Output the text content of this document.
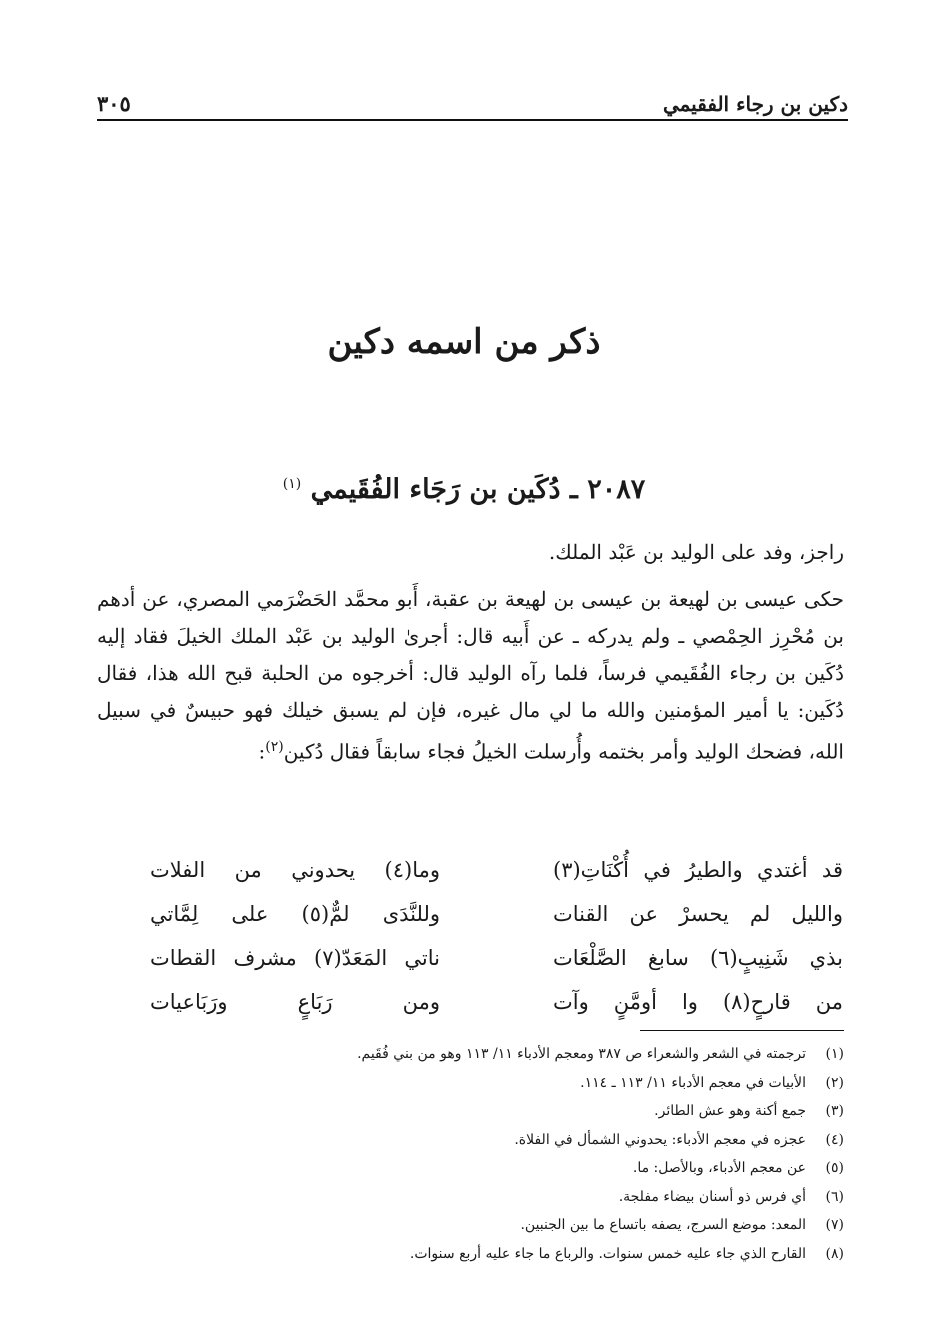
دكين بن رجاء الفقيمي
٣٠٥
ذكر من اسمه دكين
٢٠٨٧ ـ دُكَين بن رَجَاء الفُقَيمي $^{(١)}$

راجز، وفد على الوليد بن عَبْد الملك.

حكى عيسى بن لهيعة بن عيسى بن لهيعة بن عقبة، أَبو محمَّد الحَضْرَمي المصري، عن أدهم بن مُحْرِز الحِمْصي ـ ولم يدركه ـ عن أَبيه قال: أجرىٰ الوليد بن عَبْد الملك الخيلَ فقاد إليه دُكَين بن رجاء الفُقَيمي فرساً، فلما رآه الوليد قال: أخرجوه من الحلبة قبح الله هذا، فقال دُكَين: يا أمير المؤمنين والله ما لي مال غيره، فإن لم يسبق خيلك فهو حبيسٌ في سبيل الله، فضحك الوليد وأمر بختمه وأُرسلت الخيلُ فجاء سابقاً فقال دُكين$^{(٢)}$:

قد أغتدي والطيرُ في أُكْنَاتِ(٣)
وما(٤) يحدوني من الفلات
والليل لم يحسرْ عن القنات
وللنَّدَى لمٌّ(٥) على لِمَّاتي
بذي شَنِيبٍ(٦) سابغ الصَّلْعَات
ناتي المَعَدّ(٧) مشرف القطات
من قارحٍ(٨) وا أومَّنٍ وآت
ومن رَبَاعٍ ورَبَاعيات
(١)
ترجمته في الشعر والشعراء ص ٣٨٧ ومعجم الأدباء ١١/ ١١٣ وهو من بني فُقَيم.
(٢)
الأبيات في معجم الأدباء ١١/ ١١٣ ـ ١١٤.
(٣)
جمع أكنة وهو عش الطائر.
(٤)
عجزه في معجم الأدباء: يحدوني الشمأل في الفلاة.
(٥)
عن معجم الأدباء، وبالأصل: ما.
(٦)
أي فرس ذو أسنان بيضاء مفلجة.
(٧)
المعد: موضع السرج، يصفه باتساع ما بين الجنبين.
(٨)
القارح الذي جاء عليه خمس سنوات. والرباع ما جاء عليه أربع سنوات.
